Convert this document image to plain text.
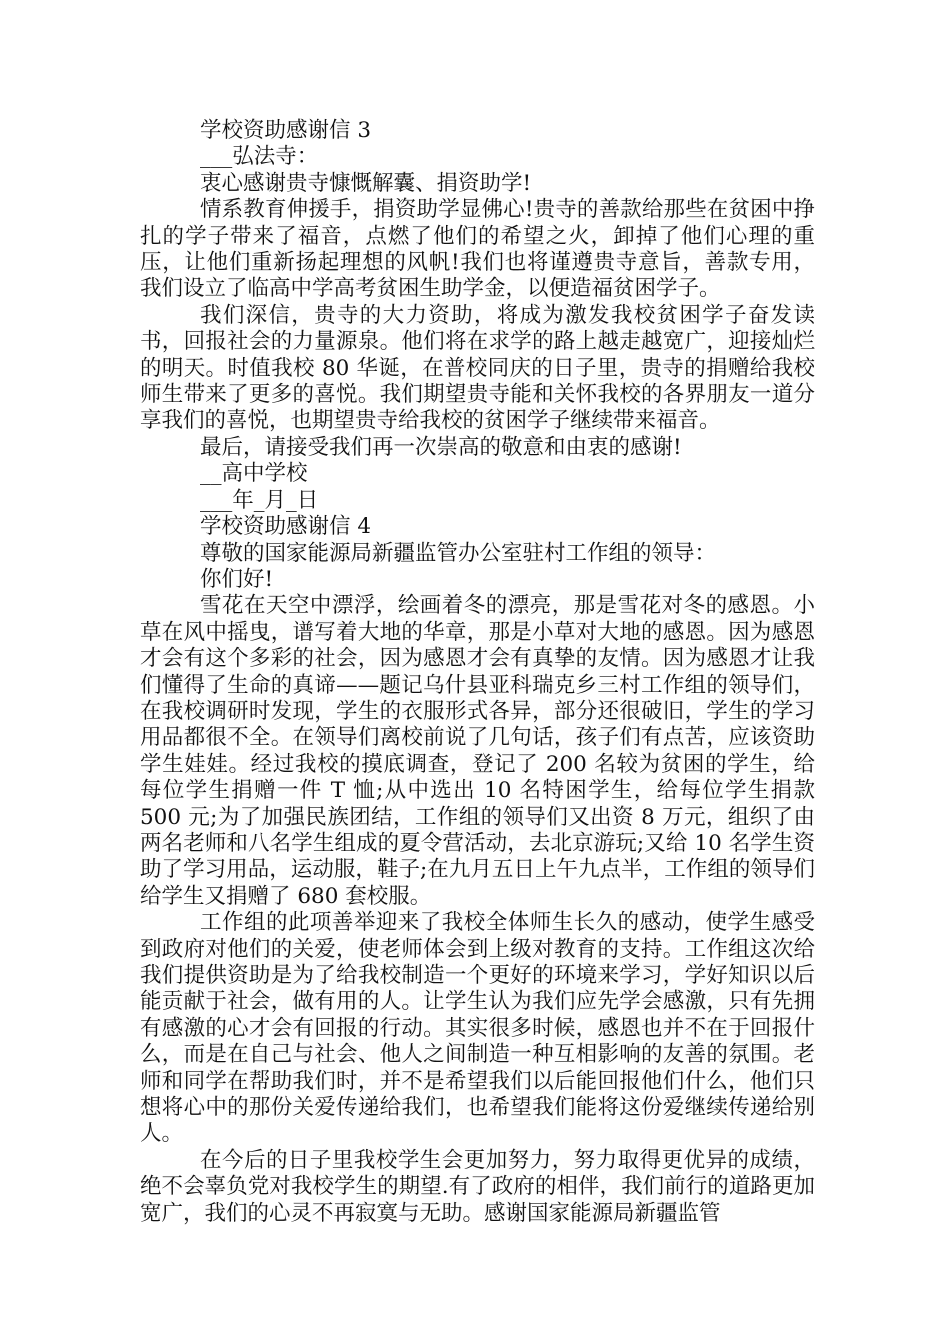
学校资助感谢信 3

___弘法寺：

衷心感谢贵寺慷慨解囊、捐资助学!

情系教育伸援手，捐资助学显佛心!贵寺的善款给那些在贫困中挣扎的学子带来了福音，点燃了他们的希望之火，卸掉了他们心理的重压，让他们重新扬起理想的风帆!我们也将谨遵贵寺意旨，善款专用，我们设立了临高中学高考贫困生助学金，以便造福贫困学子。

我们深信，贵寺的大力资助，将成为激发我校贫困学子奋发读书，回报社会的力量源泉。他们将在求学的路上越走越宽广，迎接灿烂的明天。时值我校 80 华诞，在普校同庆的日子里，贵寺的捐赠给我校师生带来了更多的喜悦。我们期望贵寺能和关怀我校的各界朋友一道分享我们的喜悦，也期望贵寺给我校的贫困学子继续带来福音。

最后，请接受我们再一次崇高的敬意和由衷的感谢!

__高中学校

___年_月_日

学校资助感谢信 4

尊敬的国家能源局新疆监管办公室驻村工作组的领导：

你们好!

雪花在天空中漂浮，绘画着冬的漂亮，那是雪花对冬的感恩。小草在风中摇曳，谱写着大地的华章，那是小草对大地的感恩。因为感恩才会有这个多彩的社会，因为感恩才会有真挚的友情。因为感恩才让我们懂得了生命的真谛——题记乌什县亚科瑞克乡三村工作组的领导们，在我校调研时发现，学生的衣服形式各异，部分还很破旧，学生的学习用品都很不全。在领导们离校前说了几句话，孩子们有点苦，应该资助学生娃娃。经过我校的摸底调查，登记了 200 名较为贫困的学生，给每位学生捐赠一件 T 恤;从中选出 10 名特困学生，给每位学生捐款 500 元;为了加强民族团结，工作组的领导们又出资 8 万元，组织了由两名老师和八名学生组成的夏令营活动，去北京游玩;又给 10 名学生资助了学习用品，运动服，鞋子;在九月五日上午九点半，工作组的领导们给学生又捐赠了 680 套校服。

工作组的此项善举迎来了我校全体师生长久的感动，使学生感受到政府对他们的关爱，使老师体会到上级对教育的支持。工作组这次给我们提供资助是为了给我校制造一个更好的环境来学习，学好知识以后能贡献于社会，做有用的人。让学生认为我们应先学会感激，只有先拥有感激的心才会有回报的行动。其实很多时候，感恩也并不在于回报什么，而是在自己与社会、他人之间制造一种互相影响的友善的氛围。老师和同学在帮助我们时，并不是希望我们以后能回报他们什么，他们只想将心中的那份关爱传递给我们，也希望我们能将这份爱继续传递给别人。

在今后的日子里我校学生会更加努力，努力取得更优异的成绩，绝不会辜负党对我校学生的期望.有了政府的相伴，我们前行的道路更加宽广，我们的心灵不再寂寞与无助。感谢国家能源局新疆监管
